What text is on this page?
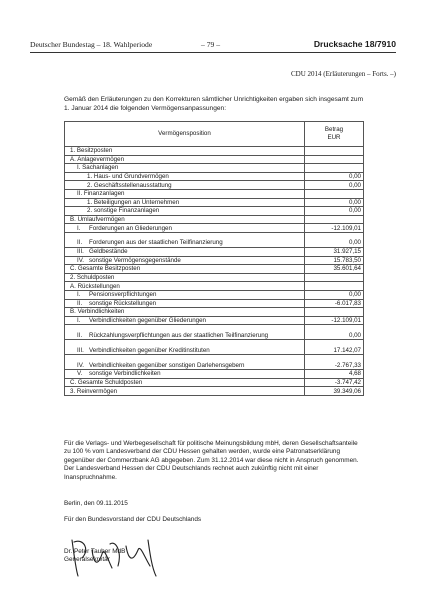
Deutscher Bundestag – 18. Wahlperiode	– 79 –	Drucksache 18/7910
CDU 2014 (Erläuterungen – Forts. –)
Gemäß den Erläuterungen zu den Korrekturen sämtlicher Unrichtigkeiten ergaben sich insgesamt zum 1. Januar 2014 die folgenden Vermögensanpassungen:
Vermögensposition	Betrag
EUR

1. Besitzposten	
A. Anlagevermögen	
I. Sachanlagen	
1. Haus- und Grundvermögen	0,00
2. Geschäftsstellenausstattung	0,00
II. Finanzanlagen	
1. Beteiligungen an Unternehmen	0,00
2. sonstige Finanzanlagen	0,00
B. Umlaufvermögen	
I. Forderungen an Gliederungen	-12.109,01
II. Forderungen aus der staatlichen Teilfinanzierung	0,00
III. Geldbestände	31.927,15
IV. sonstige Vermögensgegenstände	15.783,50
C. Gesamte Besitzposten	35.601,64
2. Schuldposten	
A. Rückstellungen	
I. Pensionsverpflichtungen	0,00
II. sonstige Rückstellungen	-6.017,83
B. Verbindlichkeiten	
I. Verbindlichkeiten gegenüber Gliederungen	-12.109,01
II. Rückzahlungsverpflichtungen aus der staatlichen Teilfinanzierung	0,00
III. Verbindlichkeiten gegenüber Kreditinstituten	17.142,07
IV. Verbindlichkeiten gegenüber sonstigen Darlehensgebern	-2.767,33
V. sonstige Verbindlichkeiten	4,68
C. Gesamte Schuldposten	-3.747,42
3. Reinvermögen	39.349,06
Für die Verlags- und Werbegesellschaft für politische Meinungsbildung mbH, deren Gesellschaftsanteile zu 100 % vom Landesverband der CDU Hessen gehalten werden, wurde eine Patronatserklärung gegenüber der Commerzbank AG abgegeben. Zum 31.12.2014 war diese nicht in Anspruch genommen. Der Landesverband Hessen der CDU Deutschlands rechnet auch zukünftig nicht mit einer Inanspruchnahme.
Berlin, den 09.11.2015
Für den Bundesvorstand der CDU Deutschlands
Dr. Peter Tauber MdB
Generalsekretär
